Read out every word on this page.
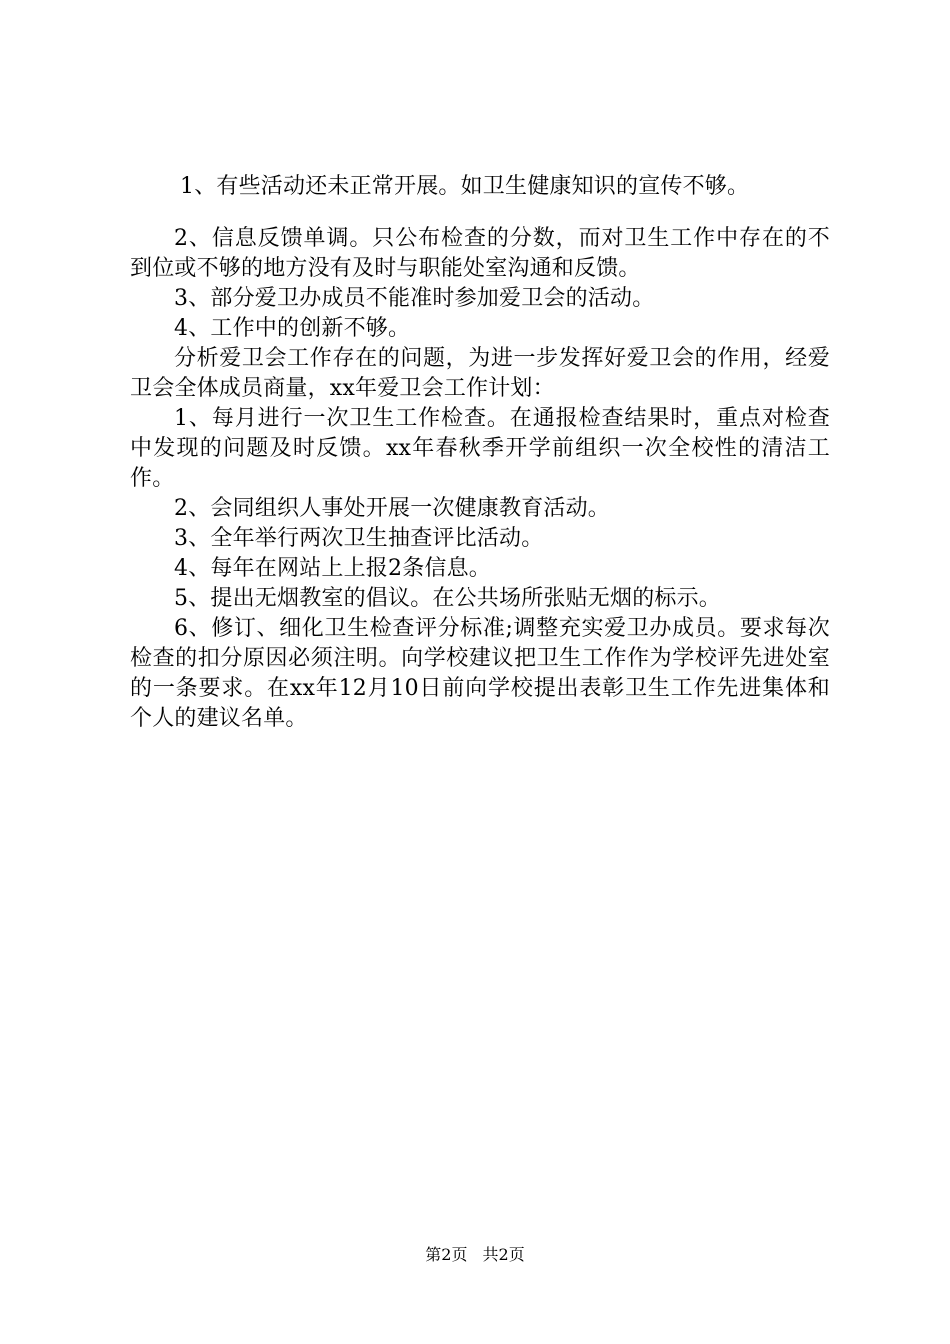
1、有些活动还未正常开展。如卫生健康知识的宣传不够。

2、信息反馈单调。只公布检查的分数，而对卫生工作中存在的不到位或不够的地方没有及时与职能处室沟通和反馈。

3、部分爱卫办成员不能准时参加爱卫会的活动。

4、工作中的创新不够。

分析爱卫会工作存在的问题，为进一步发挥好爱卫会的作用，经爱卫会全体成员商量，xx年爱卫会工作计划：

1、每月进行一次卫生工作检查。在通报检查结果时，重点对检查中发现的问题及时反馈。xx年春秋季开学前组织一次全校性的清洁工作。

2、会同组织人事处开展一次健康教育活动。

3、全年举行两次卫生抽查评比活动。

4、每年在网站上上报2条信息。

5、提出无烟教室的倡议。在公共场所张贴无烟的标示。

6、修订、细化卫生检查评分标准;调整充实爱卫办成员。要求每次检查的扣分原因必须注明。向学校建议把卫生工作作为学校评先进处室的一条要求。在xx年12月10日前向学校提出表彰卫生工作先进集体和个人的建议名单。

第2页 共2页
